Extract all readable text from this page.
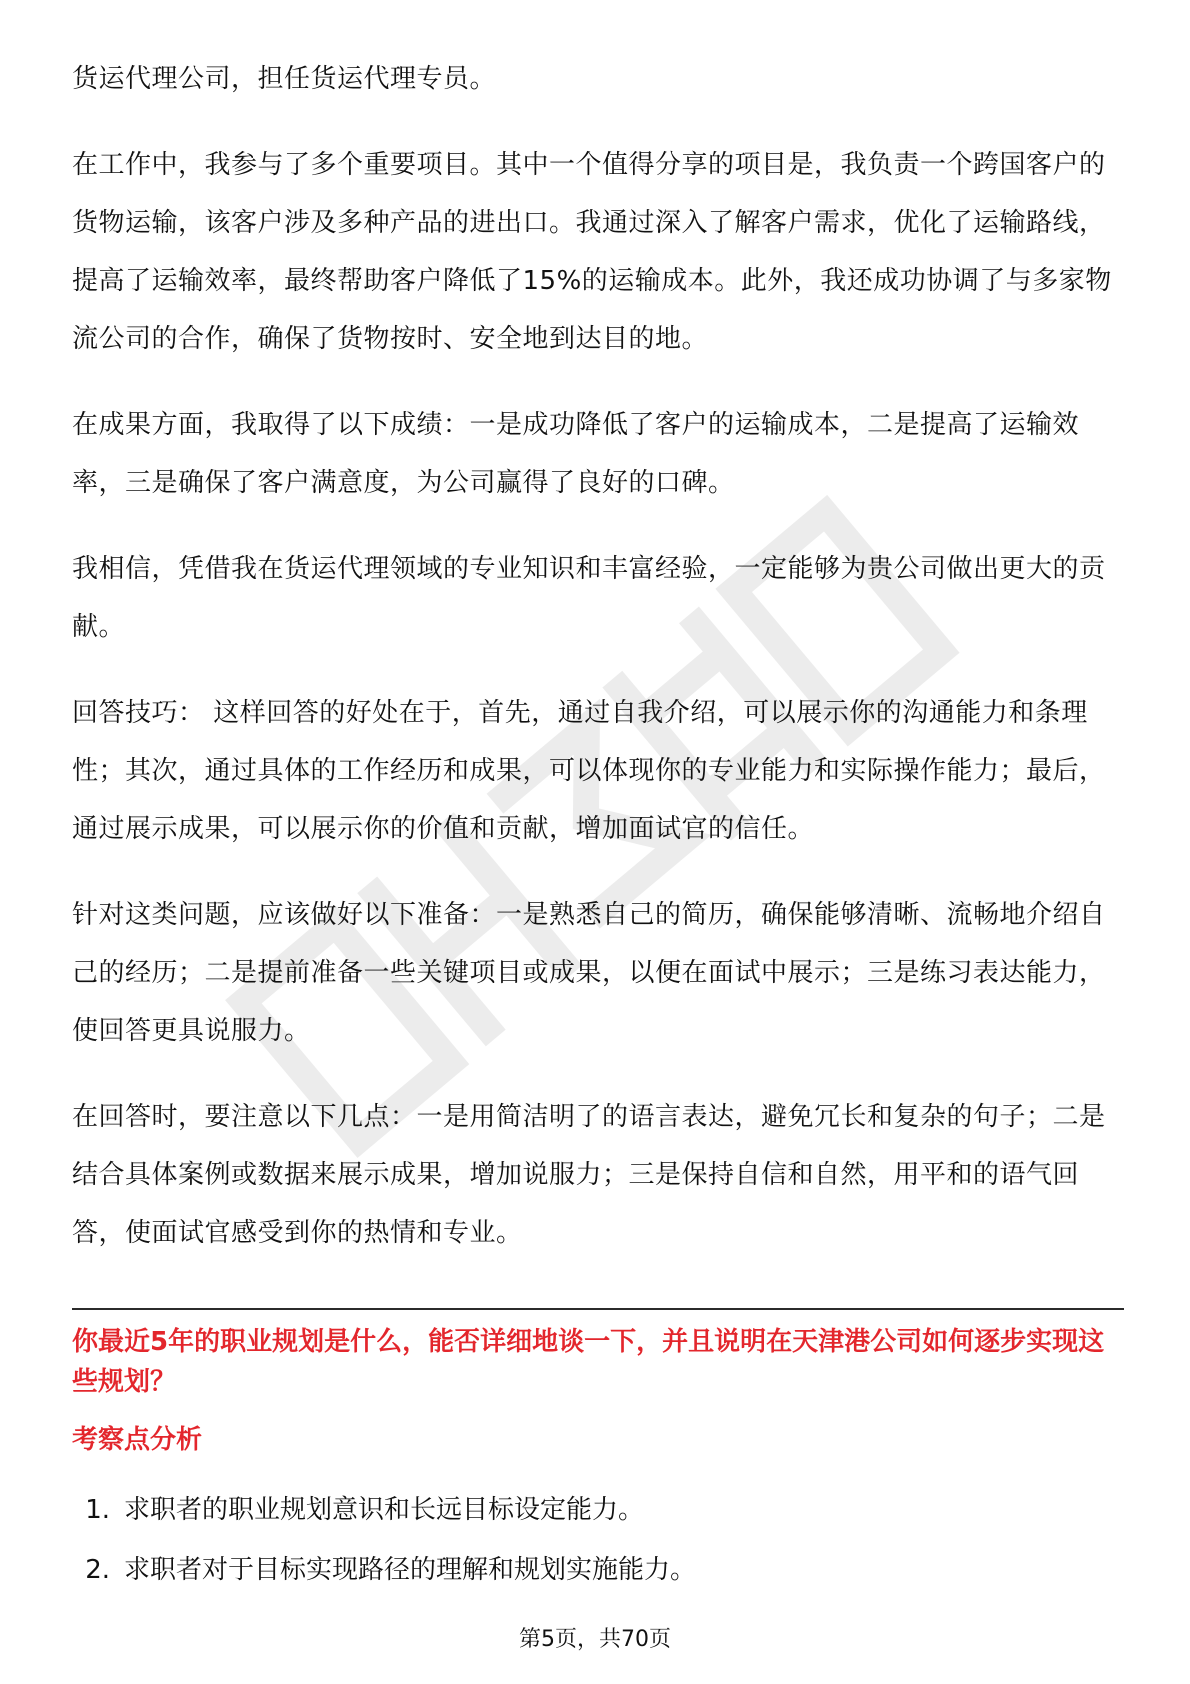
货运代理公司，担任货运代理专员。

在工作中，我参与了多个重要项目。其中一个值得分享的项目是，我负责一个跨国客户的货物运输，该客户涉及多种产品的进出口。我通过深入了解客户需求，优化了运输路线，提高了运输效率，最终帮助客户降低了15%的运输成本。此外，我还成功协调了与多家物流公司的合作，确保了货物按时、安全地到达目的地。

在成果方面，我取得了以下成绩：一是成功降低了客户的运输成本，二是提高了运输效率，三是确保了客户满意度，为公司赢得了良好的口碑。

我相信，凭借我在货运代理领域的专业知识和丰富经验，一定能够为贵公司做出更大的贡献。

回答技巧： 这样回答的好处在于，首先，通过自我介绍，可以展示你的沟通能力和条理性；其次，通过具体的工作经历和成果，可以体现你的专业能力和实际操作能力；最后，通过展示成果，可以展示你的价值和贡献，增加面试官的信任。

针对这类问题，应该做好以下准备：一是熟悉自己的简历，确保能够清晰、流畅地介绍自己的经历；二是提前准备一些关键项目或成果，以便在面试中展示；三是练习表达能力，使回答更具说服力。

在回答时，要注意以下几点：一是用简洁明了的语言表达，避免冗长和复杂的句子；二是结合具体案例或数据来展示成果，增加说服力；三是保持自信和自然，用平和的语气回答，使面试官感受到你的热情和专业。

你最近5年的职业规划是什么，能否详细地谈一下，并且说明在天津港公司如何逐步实现这些规划？

考察点分析

1. 求职者的职业规划意识和长远目标设定能力。
2. 求职者对于目标实现路径的理解和规划实施能力。
第5页，共70页
